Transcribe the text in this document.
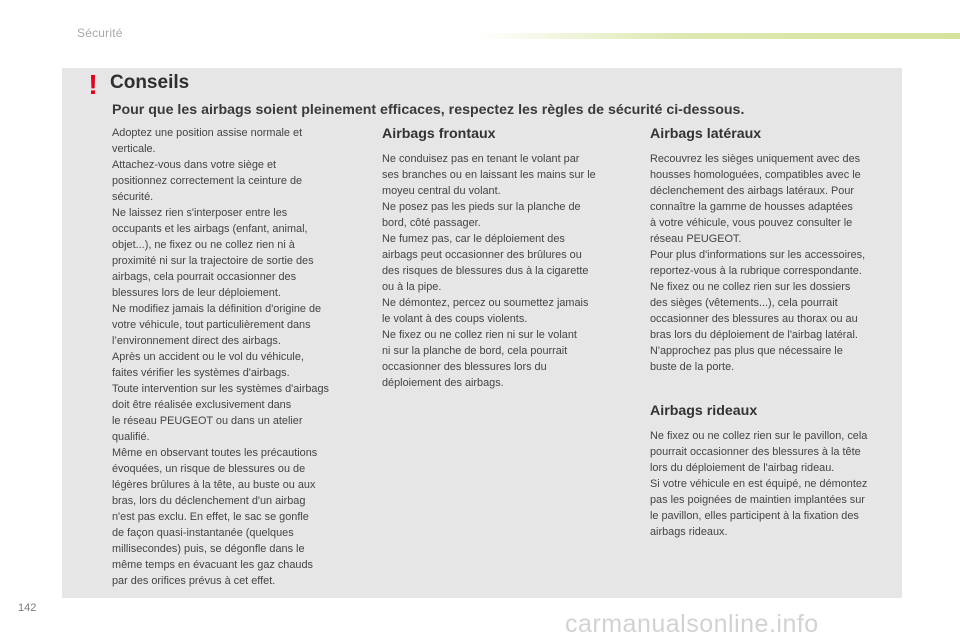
Sécurité
! Conseils
Pour que les airbags soient pleinement efficaces, respectez les règles de sécurité ci-dessous.

Adoptez une position assise normale et

verticale.

Attachez-vous dans votre siège et

positionnez correctement la ceinture de

sécurité.

Ne laissez rien s'interposer entre les

occupants et les airbags (enfant, animal,

objet...), ne fixez ou ne collez rien ni à

proximité ni sur la trajectoire de sortie des

airbags, cela pourrait occasionner des

blessures lors de leur déploiement.

Ne modifiez jamais la définition d'origine de

votre véhicule, tout particulièrement dans

l’environnement direct des airbags.

Après un accident ou le vol du véhicule,

faites vérifier les systèmes d'airbags.

Toute intervention sur les systèmes d'airbags

doit être réalisée exclusivement dans

le réseau PEUGEOT ou dans un atelier

qualifié.

Même en observant toutes les précautions

évoquées, un risque de blessures ou de

légères brûlures à la tête, au buste ou aux

bras, lors du déclenchement d'un airbag

n'est pas exclu. En effet, le sac se gonfle

de façon quasi-instantanée (quelques

millisecondes) puis, se dégonfle dans le

même temps en évacuant les gaz chauds

par des orifices prévus à cet effet.

Airbags frontaux

Ne conduisez pas en tenant le volant par

ses branches ou en laissant les mains sur le

moyeu central du volant.

Ne posez pas les pieds sur la planche de

bord, côté passager.

Ne fumez pas, car le déploiement des

airbags peut occasionner des brûlures ou

des risques de blessures dus à la cigarette

ou à la pipe.

Ne démontez, percez ou soumettez jamais

le volant à des coups violents.

Ne fixez ou ne collez rien ni sur le volant

ni sur la planche de bord, cela pourrait

occasionner des blessures lors du

déploiement des airbags.

Airbags latéraux

Recouvrez les sièges uniquement avec des

housses homologuées, compatibles avec le

déclenchement des airbags latéraux. Pour

connaître la gamme de housses adaptées

à votre véhicule, vous pouvez consulter le

réseau PEUGEOT.

Pour plus d'informations sur les accessoires,

reportez-vous à la rubrique correspondante.

Ne fixez ou ne collez rien sur les dossiers

des sièges (vêtements...), cela pourrait

occasionner des blessures au thorax ou au

bras lors du déploiement de l'airbag latéral.

N'approchez pas plus que nécessaire le

buste de la porte.

Airbags rideaux

Ne fixez ou ne collez rien sur le pavillon, cela

pourrait occasionner des blessures à la tête

lors du déploiement de l'airbag rideau.

Si votre véhicule en est équipé, ne démontez

pas les poignées de maintien implantées sur

le pavillon, elles participent à la fixation des

airbags rideaux.

142
carmanualsonline.info
